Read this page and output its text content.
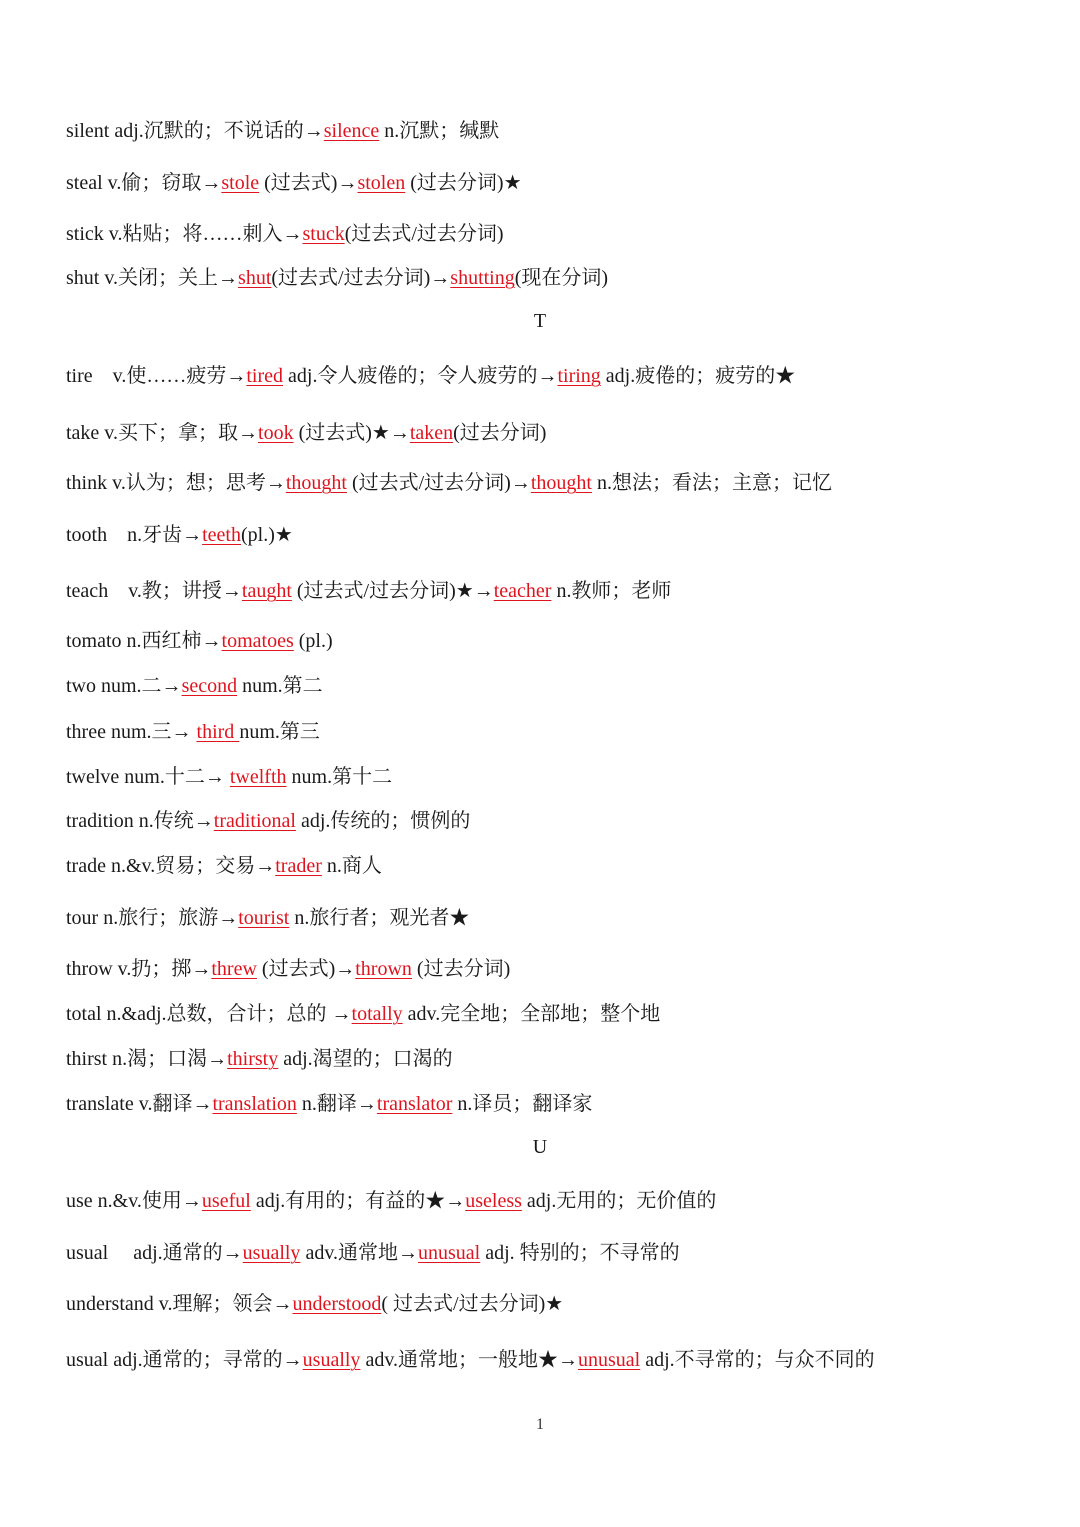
silent adj.沉默的；不说话的→silence n.沉默；缄默
steal v.偷；窃取→stole (过去式)→stolen (过去分词)★
stick v.粘贴；将……刺入→stuck(过去式/过去分词)
shut v.关闭；关上→shut(过去式/过去分词)→shutting(现在分词)
T
tire    v.使……疲劳→tired adj.令人疲倦的；令人疲劳的→tiring adj.疲倦的；疲劳的★
take v.买下；拿；取→took (过去式)★→taken(过去分词)
think v.认为；想；思考→thought (过去式/过去分词)→thought n.想法；看法；主意；记忆
tooth    n.牙齿→teeth(pl.)★
teach    v.教；讲授→taught (过去式/过去分词)★→teacher n.教师；老师
tomato n.西红柿→tomatoes (pl.)
two num.二→second num.第二
three num.三→ third num.第三
twelve num.十二→ twelfth num.第十二
tradition n.传统→traditional adj.传统的；惯例的
trade n.&v.贸易；交易→trader n.商人
tour n.旅行；旅游→tourist n.旅行者；观光者★
throw v.扔；掷→threw (过去式)→thrown (过去分词)
total n.&adj.总数，合计；总的 →totally adv.完全地；全部地；整个地
thirst n.渴；口渴→thirsty adj.渴望的；口渴的
translate v.翻译→translation n.翻译→translator n.译员；翻译家
U
use n.&v.使用→useful adj.有用的；有益的★→useless adj.无用的；无价值的
usual     adj.通常的→usually adv.通常地→unusual adj. 特别的；不寻常的
understand v.理解；领会→understood( 过去式/过去分词)★
usual adj.通常的；寻常的→usually adv.通常地；一般地★→unusual adj.不寻常的；与众不同的
1
